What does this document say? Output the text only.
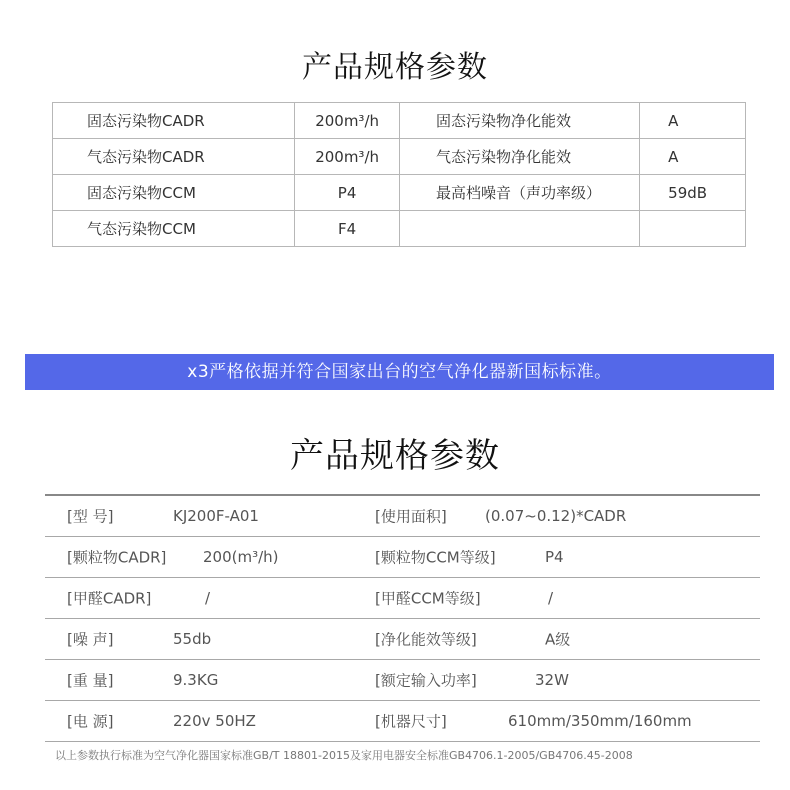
产品规格参数
固态污染物CADR	200m³/h	固态污染物净化能效	A
气态污染物CADR	200m³/h	气态污染物净化能效	A
固态污染物CCM	P4	最高档噪音（声功率级）	59dB
气态污染物CCM	F4		
x3严格依据并符合国家出台的空气净化器新国标标准。
产品规格参数
[型 号]	KJ200F-A01	[使用面积]	(0.07~0.12)*CADR
[颗粒物CADR] 200(m³/h)	[颗粒物CCM等级]	P4
[甲醛CADR]	/	[甲醛CCM等级]	/
[噪 声]	55db	[净化能效等级]	A级
[重 量]	9.3KG	[额定输入功率]	32W
[电 源]	220v 50HZ	[机器尺寸]	610mm/350mm/160mm
以上参数执行标准为空气净化器国家标准GB/T 18801-2015及家用电器安全标准GB4706.1-2005/GB4706.45-2008
